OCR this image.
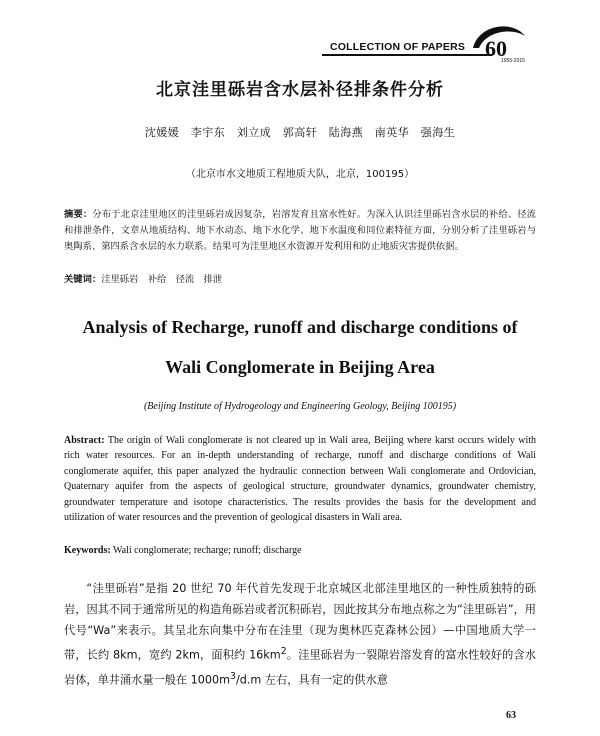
COLLECTION OF PAPERS 60
1955-2015
北京洼里砾岩含水层补径排条件分析
沈媛媛　李宇东　刘立成　郭高轩　陆海燕　南英华　强海生
（北京市水文地质工程地质大队，北京，100195）
摘要：分布于北京洼里地区的洼里砾岩成因复杂，岩溶发育且富水性好。为深入认识洼里砾岩含水层的补给、径流和排泄条件，文章从地质结构、地下水动态、地下水化学、地下水温度和同位素特征方面，分别分析了洼里砾岩与奥陶系、第四系含水层的水力联系。结果可为洼里地区水资源开发利用和防止地质灾害提供依据。
关键词：洼里砾岩　补给　径流　排泄
Analysis of Recharge, runoff and discharge conditions of
Wali Conglomerate in Beijing Area
(Beijing Institute of Hydrogeology and Engineering Geology, Beijing 100195)
Abstract: The origin of Wali conglomerate is not cleared up in Wali area, Beijing where karst occurs widely with rich water resources. For an in-depth understanding of recharge, runoff and discharge conditions of Wali conglomerate aquifer, this paper analyzed the hydraulic connection between Wali conglomerate and Ordovician, Quaternary aquifer from the aspects of geological structure, groundwater dynamics, groundwater chemistry, groundwater temperature and isotope characteristics. The results provides the basis for the development and utilization of water resources and the prevention of geological disasters in Wali area.
Keywords: Wali conglomerate; recharge; runoff; discharge
“洼里砾岩”是指 20 世纪 70 年代首先发现于北京城区北部洼里地区的一种性质独特的砾岩，因其不同于通常所见的构造角砾岩或者沉积砾岩，因此按其分布地点称之为“洼里砾岩”，用代号“Wa”来表示。其呈北东向集中分布在洼里（现为奥林匹克森林公园）—中国地质大学一带，长约 8km，宽约 2km，面积约 $16km^2$。洼里砾岩为一裂隙岩溶发育的富水性较好的含水岩体，单井涌水量一般在 $1000m^3/d.m$ 左右，具有一定的供水意
63
